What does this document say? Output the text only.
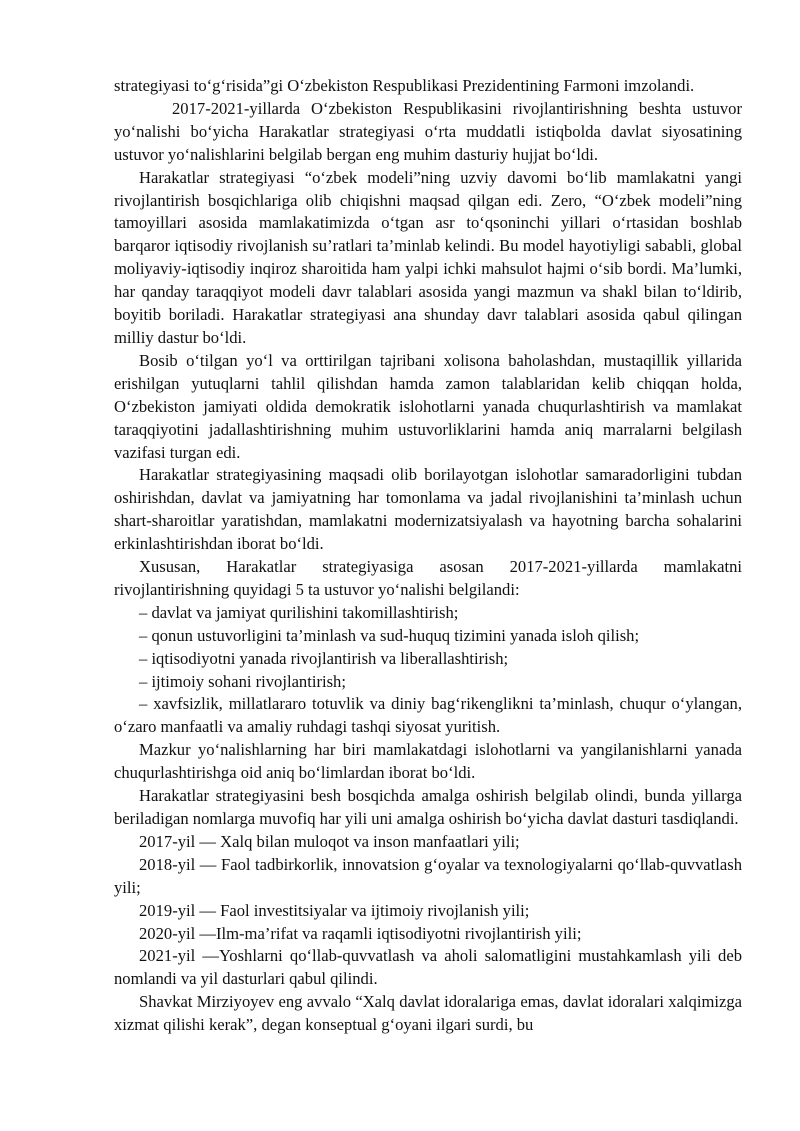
strategiyasi to‘g‘risida”gi O‘zbekiston Respublikasi Prezidentining Farmoni imzolandi.

2017-2021-yillarda O‘zbekiston Respublikasini rivojlantirishning beshta ustuvor yo‘nalishi bo‘yicha Harakatlar strategiyasi o‘rta muddatli istiqbolda davlat siyosatining ustuvor yo‘nalishlarini belgilab bergan eng muhim dasturiy hujjat bo‘ldi.

Harakatlar strategiyasi “o‘zbek modeli”ning uzviy davomi bo‘lib mamlakatni yangi rivojlantirish bosqichlariga olib chiqishni maqsad qilgan edi. Zero, “O‘zbek modeli”ning tamoyillari asosida mamlakatimizda o‘tgan asr to‘qsoninchi yillari o‘rtasidan boshlab barqaror iqtisodiy rivojlanish su’ratlari ta’minlab kelindi. Bu model hayotiyligi sababli, global moliyaviy-iqtisodiy inqiroz sharoitida ham yalpi ichki mahsulot hajmi o‘sib bordi. Ma’lumki, har qanday taraqqiyot modeli davr talablari asosida yangi mazmun va shakl bilan to‘ldirib, boyitib boriladi. Harakatlar strategiyasi ana shunday davr talablari asosida qabul qilingan milliy dastur bo‘ldi.

Bosib o‘tilgan yo‘l va orttirilgan tajribani xolisona baholashdan, mustaqillik yillarida erishilgan yutuqlarni tahlil qilishdan hamda zamon talablaridan kelib chiqqan holda, O‘zbekiston jamiyati oldida demokratik islohotlarni yanada chuqurlashtirish va mamlakat taraqqiyotini jadallashtirishning muhim ustuvorliklarini hamda aniq marralarni belgilash vazifasi turgan edi.

Harakatlar strategiyasining maqsadi olib borilayotgan islohotlar samaradorligini tubdan oshirishdan, davlat va jamiyatning har tomonlama va jadal rivojlanishini ta’minlash uchun shart-sharoitlar yaratishdan, mamlakatni modernizatsiyalash va hayotning barcha sohalarini erkinlashtirishdan iborat bo‘ldi.

Xususan, Harakatlar strategiyasiga asosan 2017-2021-yillarda mamlakatni rivojlantirishning quyidagi 5 ta ustuvor yo‘nalishi belgilandi:

– davlat va jamiyat qurilishini takomillashtirish;

– qonun ustuvorligini ta’minlash va sud-huquq tizimini yanada isloh qilish;

– iqtisodiyotni yanada rivojlantirish va liberallashtirish;

– ijtimoiy sohani rivojlantirish;

– xavfsizlik, millatlararo totuvlik va diniy bag‘rikenglikni ta’minlash, chuqur o‘ylangan, o‘zaro manfaatli va amaliy ruhdagi tashqi siyosat yuritish.

Mazkur yo‘nalishlarning har biri mamlakatdagi islohotlarni va yangilanishlarni yanada chuqurlashtirishga oid aniq bo‘limlardan iborat bo‘ldi.

Harakatlar strategiyasini besh bosqichda amalga oshirish belgilab olindi, bunda yillarga beriladigan nomlarga muvofiq har yili uni amalga oshirish bo‘yicha davlat dasturi tasdiqlandi.

2017-yil — Xalq bilan muloqot va inson manfaatlari yili;

2018-yil — Faol tadbirkorlik, innovatsion g‘oyalar va texnologiyalarni qo‘llab-quvvatlash yili;

2019-yil — Faol investitsiyalar va ijtimoiy rivojlanish yili;

2020-yil —Ilm-ma’rifat va raqamli iqtisodiyotni rivojlantirish yili;

2021-yil —Yoshlarni qo‘llab-quvvatlash va aholi salomatligini mustahkamlash yili deb nomlandi va yil dasturlari qabul qilindi.

Shavkat Mirziyoyev eng avvalo “Xalq davlat idoralariga emas, davlat idoralari xalqimizga xizmat qilishi kerak”, degan konseptual g‘oyani ilgari surdi, bu
